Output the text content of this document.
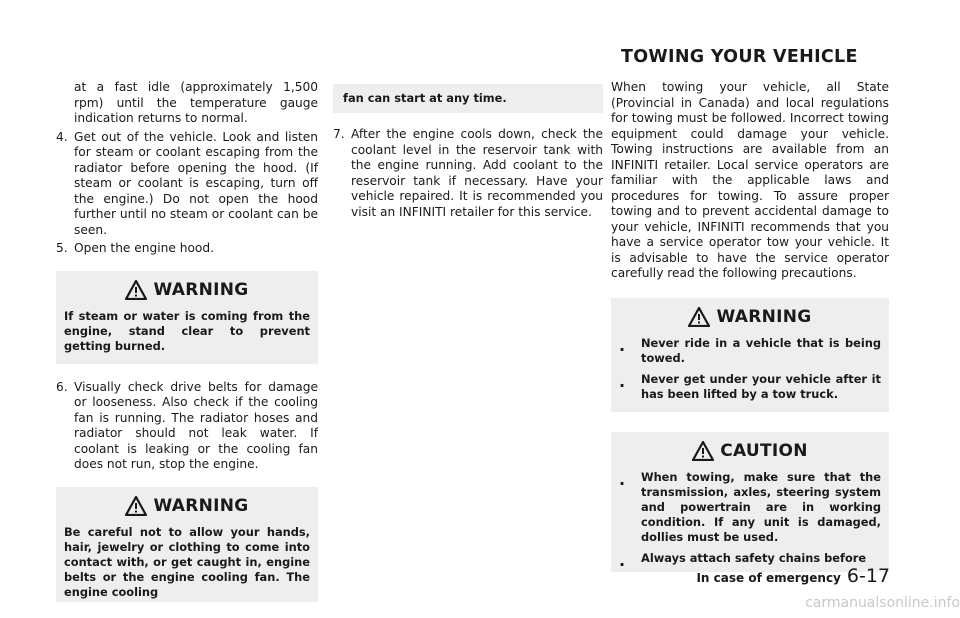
at a fast idle (approximately 1,500 rpm) until the temperature gauge indication returns to normal.

4. Get out of the vehicle. Look and listen for steam or coolant escaping from the radiator before opening the hood. (If steam or coolant is escaping, turn off the engine.) Do not open the hood further until no steam or coolant can be seen.
5. Open the engine hood.
WARNING

If steam or water is coming from the engine, stand clear to prevent getting burned.

6. Visually check drive belts for damage or looseness. Also check if the cooling fan is running. The radiator hoses and radiator should not leak water. If coolant is leaking or the cooling fan does not run, stop the engine.
WARNING

Be careful not to allow your hands, hair, jewelry or clothing to come into contact with, or get caught in, engine belts or the engine cooling fan. The engine cooling

fan can start at any time.

7. After the engine cools down, check the coolant level in the reservoir tank with the engine running. Add coolant to the reservoir tank if necessary. Have your vehicle repaired. It is recommended you visit an INFINITI retailer for this service.
TOWING YOUR VEHICLE

When towing your vehicle, all State (Provincial in Canada) and local regulations for towing must be followed. Incorrect towing equipment could damage your vehicle. Towing instructions are available from an INFINITI retailer. Local service operators are familiar with the applicable laws and procedures for towing. To assure proper towing and to prevent accidental damage to your vehicle, INFINITI recommends that you have a service operator tow your vehicle. It is advisable to have the service operator carefully read the following precautions.

WARNING
.	Never ride in a vehicle that is being towed.
.	Never get under your vehicle after it has been lifted by a tow truck.
CAUTION
.	When towing, make sure that the transmission, axles, steering system and powertrain are in working condition. If any unit is damaged, dollies must be used.
.	Always attach safety chains before
In case of emergency 6-17
carmanualsonline.info
